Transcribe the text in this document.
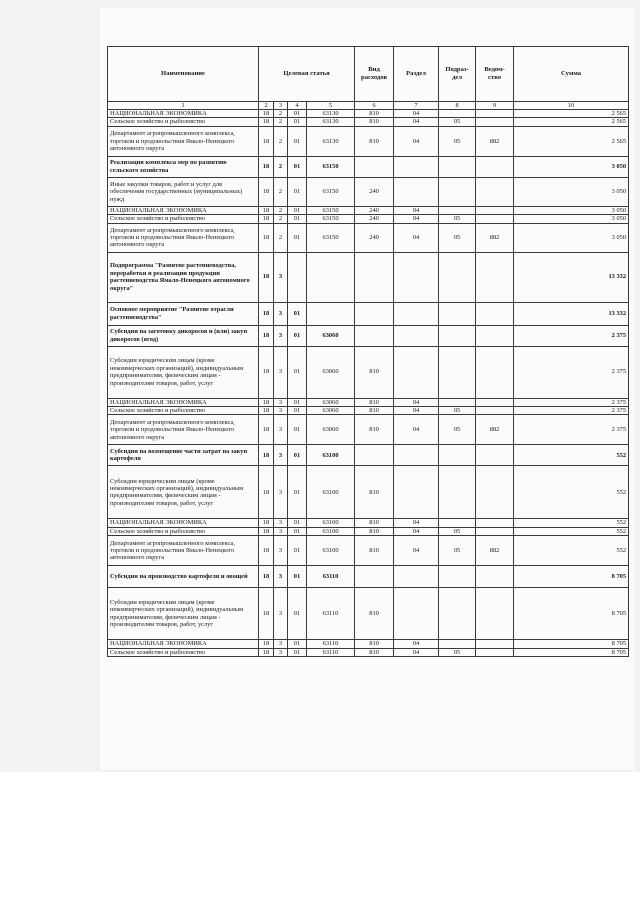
Наименование	Целевая статья				Вид расходов	Раздел	Подраз-дел	Ведом-ство	Сумма
1	2	3	4	5	6	7	8	9	10
НАЦИОНАЛЬНАЯ ЭКОНОМИКА	18	2	01	63130	810	04			2 565
Сельское хозяйство и рыболовство	18	2	01	63130	810	04	05		2 565
Департамент агропромышленного комплекса, торговли и продовольствия Ямало-Ненецкого автономного округа	18	2	01	63130	810	04	05	882	2 565
Реализация комплекса мер по развитию сельского хозяйства	18	2	01	63150					3 050
Иные закупки товаров, работ и услуг для обеспечения государственных (муниципальных) нужд	18	2	01	63150	240				3 050
НАЦИОНАЛЬНАЯ ЭКОНОМИКА	18	2	01	63150	240	04			3 050
Сельское хозяйство и рыболовство	18	2	01	63150	240	04	05		3 050
Департамент агропромышленного комплекса, торговли и продовольствия Ямало-Ненецкого автономного округа	18	2	01	63150	240	04	05	882	3 050
Подпрограмма "Развитие растениеводства, переработки и реализации продукции растениеводства Ямало-Ненецкого автономного округа"	18	3							13 332
Основное мероприятие "Развитие отрасли растениеводства"	18	3	01						13 332
Субсидии на заготовку дикоросов и (или) закуп дикоросов (ягод)	18	3	01	63060					2 375
Субсидии юридическим лицам (кроме некоммерческих организаций), индивидуальным предпринимателям, физическим лицам - производителям товаров, работ, услуг	18	3	01	63060	810				2 375
НАЦИОНАЛЬНАЯ ЭКОНОМИКА	18	3	01	63060	810	04			2 375
Сельское хозяйство и рыболовство	18	3	01	63060	810	04	05		2 375
Департамент агропромышленного комплекса, торговли и продовольствия Ямало-Ненецкого автономного округа	18	3	01	63060	810	04	05	882	2 375
Субсидии на возмещение части затрат на закуп картофеля	18	3	01	63100					552
Субсидии юридическим лицам (кроме некоммерческих организаций), индивидуальным предпринимателям, физическим лицам - производителям товаров, работ, услуг	18	3	01	63100	810				552
НАЦИОНАЛЬНАЯ ЭКОНОМИКА	18	3	01	63100	810	04			552
Сельское хозяйство и рыболовство	18	3	01	63100	810	04	05		552
Департамент агропромышленного комплекса, торговли и продовольствия Ямало-Ненецкого автономного округа	18	3	01	63100	810	04	05	882	552
Субсидии на производство картофеля и овощей	18	3	01	63110					8 705
Субсидии юридическим лицам (кроме некоммерческих организаций), индивидуальным предпринимателям, физическим лицам - производителям товаров, работ, услуг	18	3	01	63110	810				8 705
НАЦИОНАЛЬНАЯ ЭКОНОМИКА	18	3	01	63110	810	04			8 705
Сельское хозяйство и рыболовство	18	3	01	63110	810	04	05		8 705
